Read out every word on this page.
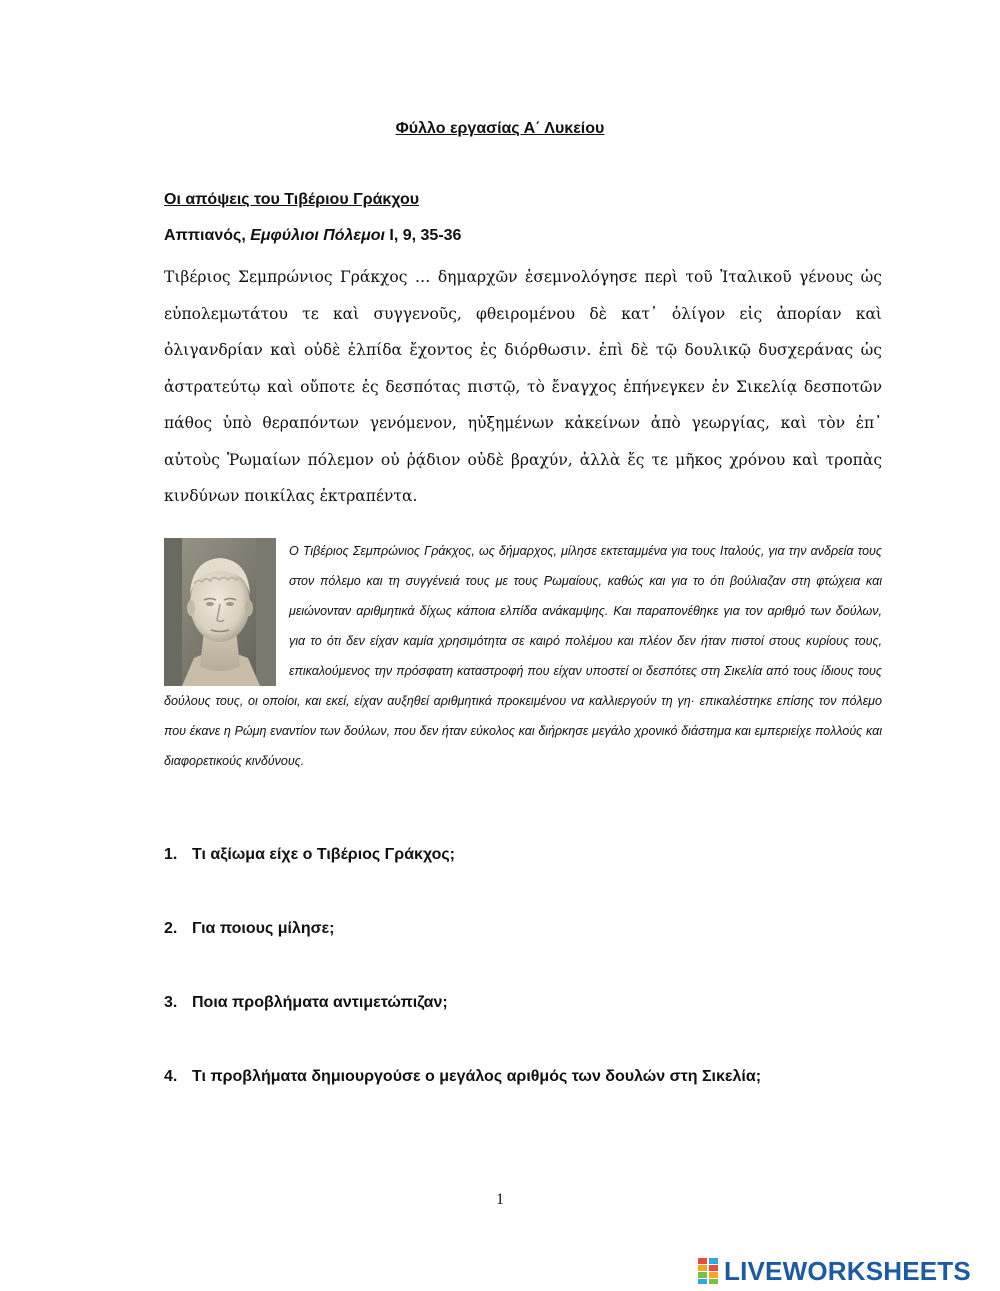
Φύλλο εργασίας Α΄ Λυκείου
Οι απόψεις του Τιβέριου Γράκχου
Αππιανός, Εμφύλιοι Πόλεμοι Ι, 9, 35-36
Τιβέριος Σεμπρώνιος Γράκχος … δημαρχῶν ἐσεμνολόγησε περὶ τοῦ Ἰταλικοῦ γένους ὡς εὐπολεμωτάτου τε καὶ συγγενοῦς, φθειρομένου δὲ κατ᾽ ὀλίγον εἰς ἀπορίαν καὶ ὀλιγανδρίαν καὶ οὐδὲ ἐλπίδα ἔχοντος ἐς διόρθωσιν. ἐπὶ δὲ τῷ δουλικῷ δυσχεράνας ὡς ἀστρατεύτῳ καὶ οὔποτε ἐς δεσπότας πιστῷ, τὸ ἔναγχος ἐπήνεγκεν ἐν Σικελίᾳ δεσποτῶν πάθος ὑπὸ θεραπόντων γενόμενον, ηὐξημένων κἀκείνων ἀπὸ γεωργίας, καὶ τὸν ἐπ᾽ αὐτοὺς Ῥωμαίων πόλεμον οὐ ῥᾴδιον οὐδὲ βραχύν, ἀλλὰ ἔς τε μῆκος χρόνου καὶ τροπὰς κινδύνων ποικίλας ἐκτραπέντα.
Ο Τιβέριος Σεμπρώνιος Γράκχος, ως δήμαρχος, μίλησε εκτεταμμένα για τους Ιταλούς, για την ανδρεία τους στον πόλεμο και τη συγγένειά τους με τους Ρωμαίους, καθώς και για το ότι βούλιαζαν στη φτώχεια και μειώνονταν αριθμητικά δίχως κάποια ελπίδα ανάκαμψης. Και παραπονέθηκε για τον αριθμό των δούλων, για το ότι δεν είχαν καμία χρησιμότητα σε καιρό πολέμου και πλέον δεν ήταν πιστοί στους κυρίους τους, επικαλούμενος την πρόσφατη καταστροφή που είχαν υποστεί οι δεσπότες στη Σικελία από τους ίδιους τους δούλους τους, οι οποίοι, και εκεί, είχαν αυξηθεί αριθμητικά προκειμένου να καλλιεργούν τη γη· επικαλέστηκε επίσης τον πόλεμο που έκανε η Ρώμη εναντίον των δούλων, που δεν ήταν εύκολος και διήρκησε μεγάλο χρονικό διάστημα και εμπεριείχε πολλούς και διαφορετικούς κινδύνους.
1. Τι αξίωμα είχε ο Τιβέριος Γράκχος;
2. Για ποιους μίλησε;
3. Ποια προβλήματα αντιμετώπιζαν;
4. Τι προβλήματα δημιουργούσε ο μεγάλος αριθμός των δουλών στη Σικελία;
1
LIVEWORKSHEETS
